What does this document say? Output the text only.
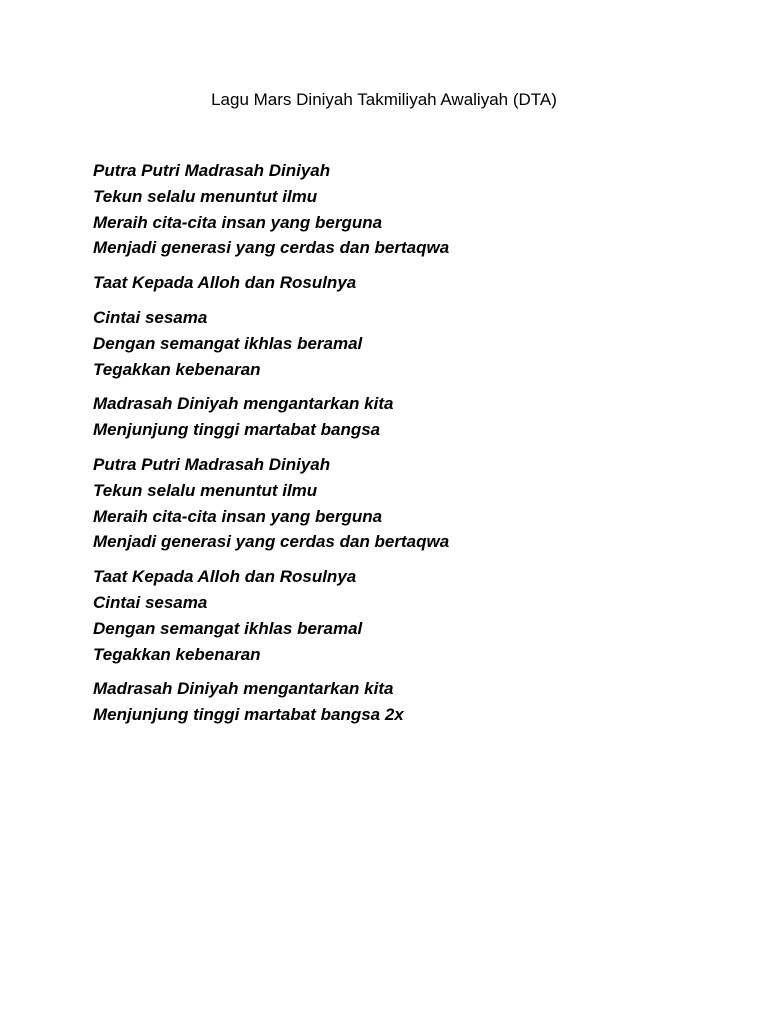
Lagu Mars Diniyah Takmiliyah Awaliyah (DTA)
Putra Putri Madrasah Diniyah
Tekun selalu menuntut ilmu
Meraih cita-cita insan yang berguna
Menjadi generasi yang cerdas dan bertaqwa
Taat Kepada Alloh dan Rosulnya
Cintai sesama
Dengan semangat ikhlas beramal
Tegakkan kebenaran
Madrasah Diniyah mengantarkan kita
Menjunjung tinggi martabat bangsa
Putra Putri Madrasah Diniyah
Tekun selalu menuntut ilmu
Meraih cita-cita insan yang berguna
Menjadi generasi yang cerdas dan bertaqwa
Taat Kepada Alloh dan Rosulnya
Cintai sesama
Dengan semangat ikhlas beramal
Tegakkan kebenaran
Madrasah Diniyah mengantarkan kita
Menjunjung tinggi martabat bangsa 2x
